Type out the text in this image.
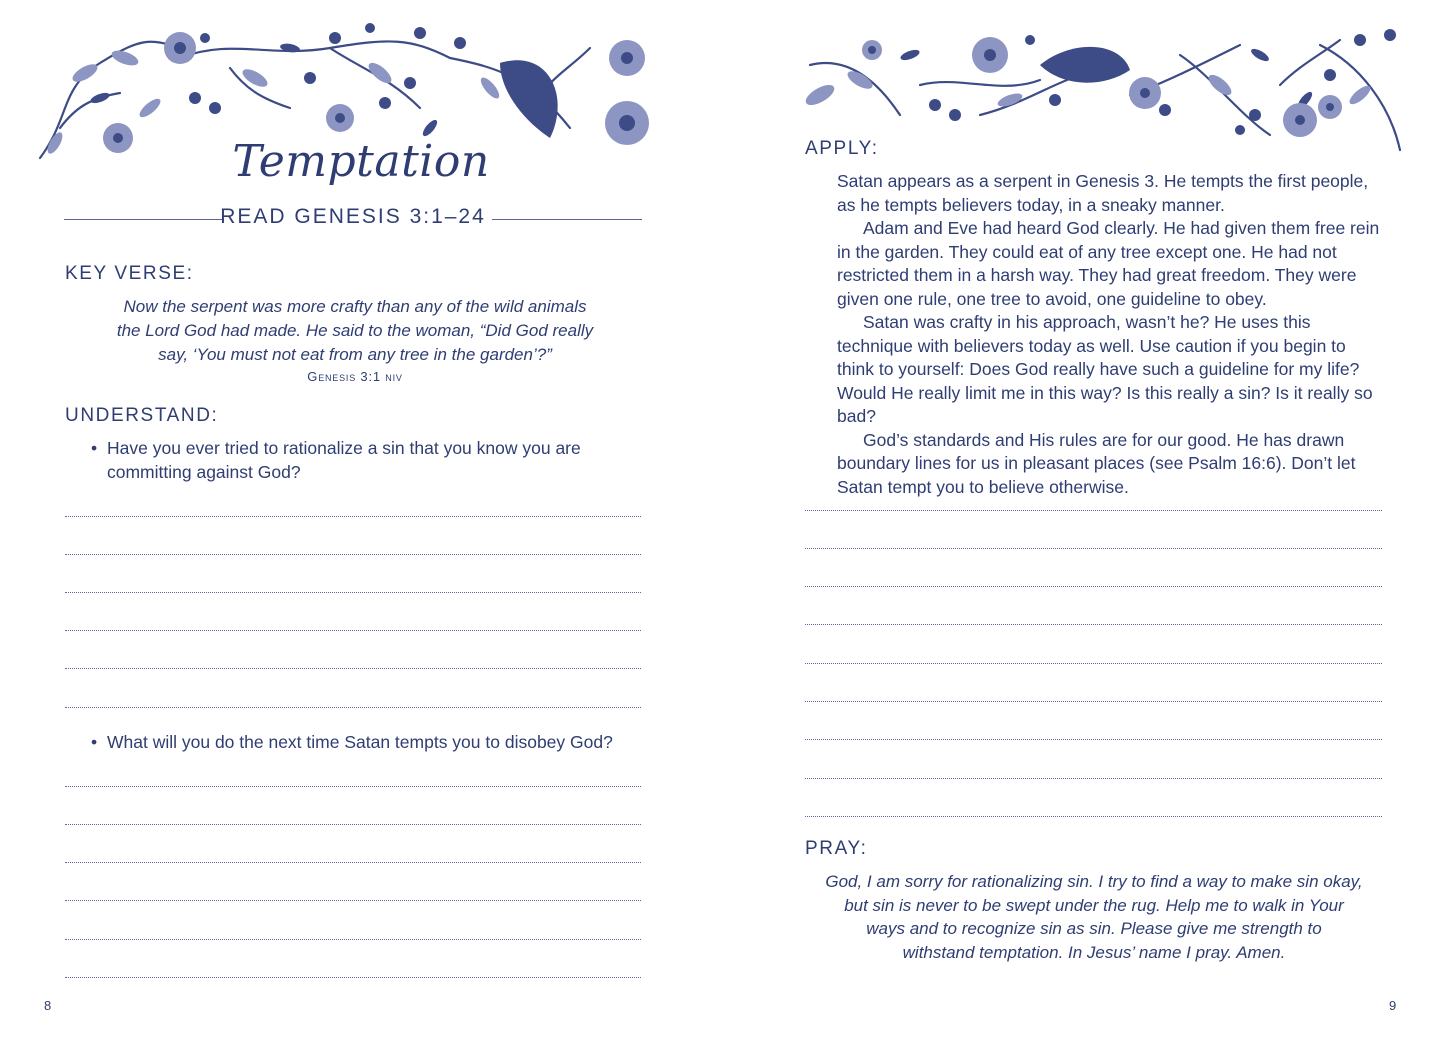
Temptation
READ GENESIS 3:1–24
KEY VERSE:
Now the serpent was more crafty than any of the wild animals
the Lord God had made. He said to the woman, “Did God really
say, ‘You must not eat from any tree in the garden’?”
Genesis 3:1 niv
UNDERSTAND:
• Have you ever tried to rationalize a sin that you know you are
committing against God?
• What will you do the next time Satan tempts you to disobey God?
8
APPLY:

Satan appears as a serpent in Genesis 3. He tempts the first people, as he tempts believers today, in a sneaky manner.

Adam and Eve had heard God clearly. He had given them free rein in the garden. They could eat of any tree except one. He had not restricted them in a harsh way. They had great freedom. They were given one rule, one tree to avoid, one guideline to obey.

Satan was crafty in his approach, wasn’t he? He uses this technique with believers today as well. Use caution if you begin to think to yourself: Does God really have such a guideline for my life? Would He really limit me in this way? Is this really a sin? Is it really so bad?

God’s standards and His rules are for our good. He has drawn boundary lines for us in pleasant places (see Psalm 16:6). Don’t let Satan tempt you to believe otherwise.

PRAY:
God, I am sorry for rationalizing sin. I try to find a way to make sin okay,
but sin is never to be swept under the rug. Help me to walk in Your
ways and to recognize sin as sin. Please give me strength to
withstand temptation. In Jesus’ name I pray. Amen.
9
